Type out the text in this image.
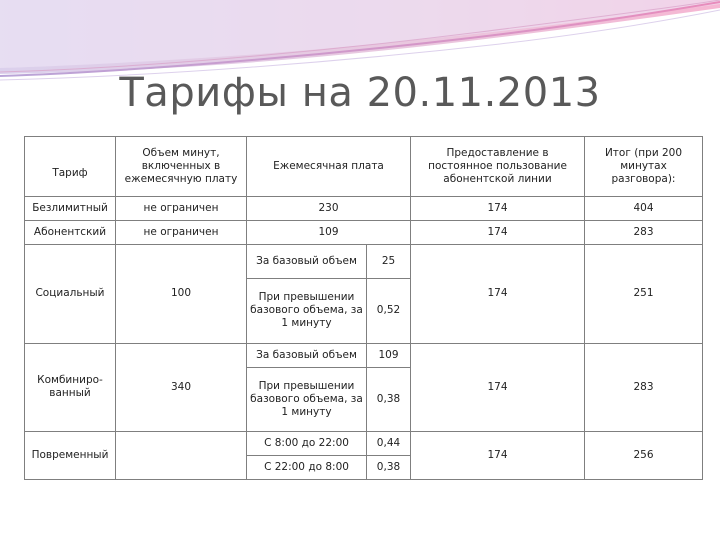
Тарифы на 20.11.2013
Тариф	Объем минут, включенных в ежемесячную плату	Ежемесячная плата		Предоставление в постоянное пользование абонентской линии	Итог (при 200 минутах разговора):
Безлимитный	не ограничен	230		174	404
Абонентский	не ограничен	109		174	283
Социальный	100	За базовый объем	25	174	251
		При превышении базового объема, за 1 минуту	0,52		
Комбиниро-ванный	340	За базовый объем	109	174	283
		При превышении базового объема, за 1 минуту	0,38		
Повременный		С 8:00 до 22:00	0,44	174	256
		С 22:00 до 8:00	0,38		
